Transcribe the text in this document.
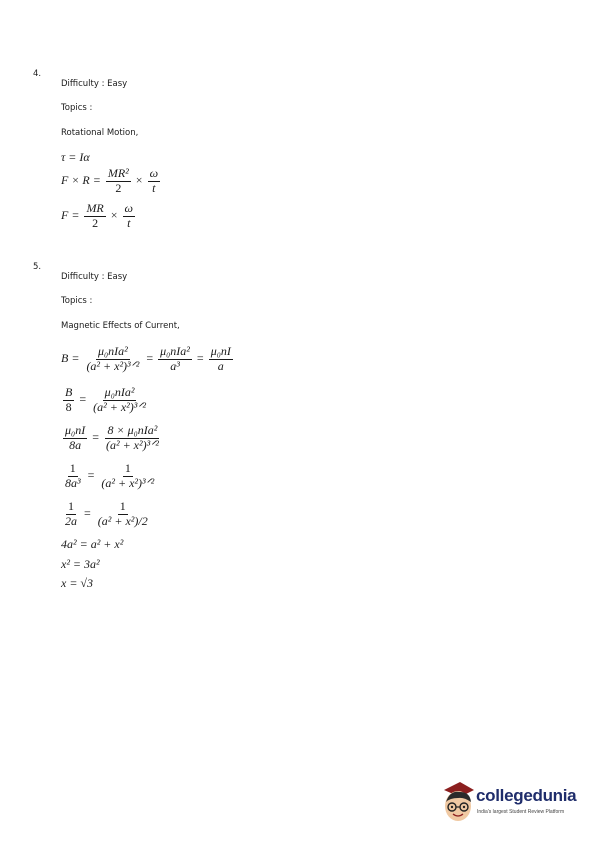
4.
Difficulty : Easy
Topics :
Rotational Motion,
τ = Iα
$F \times R = \frac{\text{MR²}}{2} \times \frac{\omega}{t}$
$F = \frac{MR}{2} \times \frac{\omega}{t}$
5.
Difficulty : Easy
Topics :
Magnetic Effects of Current,
$B = \frac{\text{μ₀nIa²}}{\text{(a² + x²)³ᐟ²}} = \frac{\text{μ₀nIa²}}{\text{a³}} = \frac{\text{μ₀nI}}{a}$
$\frac{B}{8} = \frac{\text{μ₀nIa²}}{\text{(a² + x²)³ᐟ²}}$
$\frac{\text{μ₀nI}}{8a} = \frac{\text{8 × μ₀nIa²}}{\text{(a² + x²)³ᐟ²}}$
$\frac{1}{\text{8a³}} = \frac{1}{\text{(a² + x²)³ᐟ²}}$
$\frac{1}{2a} = \frac{1}{\text{(a² + x²)/2}}$
4a² = a² + x²
x² = 3a²
x = √3
collegedunia
India's largest Student Review Platform
